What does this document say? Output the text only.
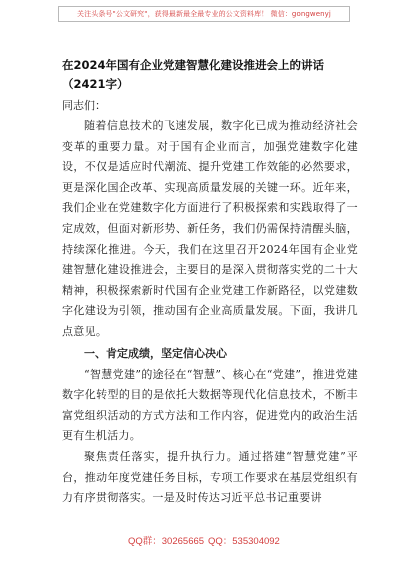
关注头条号"公文研究"，获得最新最全最专业的公文资料库！ 微信：gongwenyj

在2024年国有企业党建智慧化建设推进会上的讲话（2421字）

同志们：

随着信息技术的飞速发展，数字化已成为推动经济社会变革的重要力量。对于国有企业而言，加强党建数字化建设，不仅是适应时代潮流、提升党建工作效能的必然要求，更是深化国企改革、实现高质量发展的关键一环。近年来，我们企业在党建数字化方面进行了积极探索和实践取得了一定成效，但面对新形势、新任务，我们仍需保持清醒头脑，持续深化推进。今天，我们在这里召开2024年国有企业党建智慧化建设推进会，主要目的是深入贯彻落实党的二十大精神，积极探索新时代国有企业党建工作新路径，以党建数字化建设为引领，推动国有企业高质量发展。下面，我讲几点意见。

一、肯定成绩，坚定信心决心

“智慧党建”的途径在“智慧”、核心在“党建”，推进党建数字化转型的目的是依托大数据等现代化信息技术，不断丰富党组织活动的方式方法和工作内容，促进党内的政治生活更有生机活力。

聚焦责任落实，提升执行力。通过搭建“智慧党建”平台，推动年度党建任务目标，专项工作要求在基层党组织有力有序贯彻落实。一是及时传达习近平总书记重要讲

QQ群：30265665 QQ：535304092
